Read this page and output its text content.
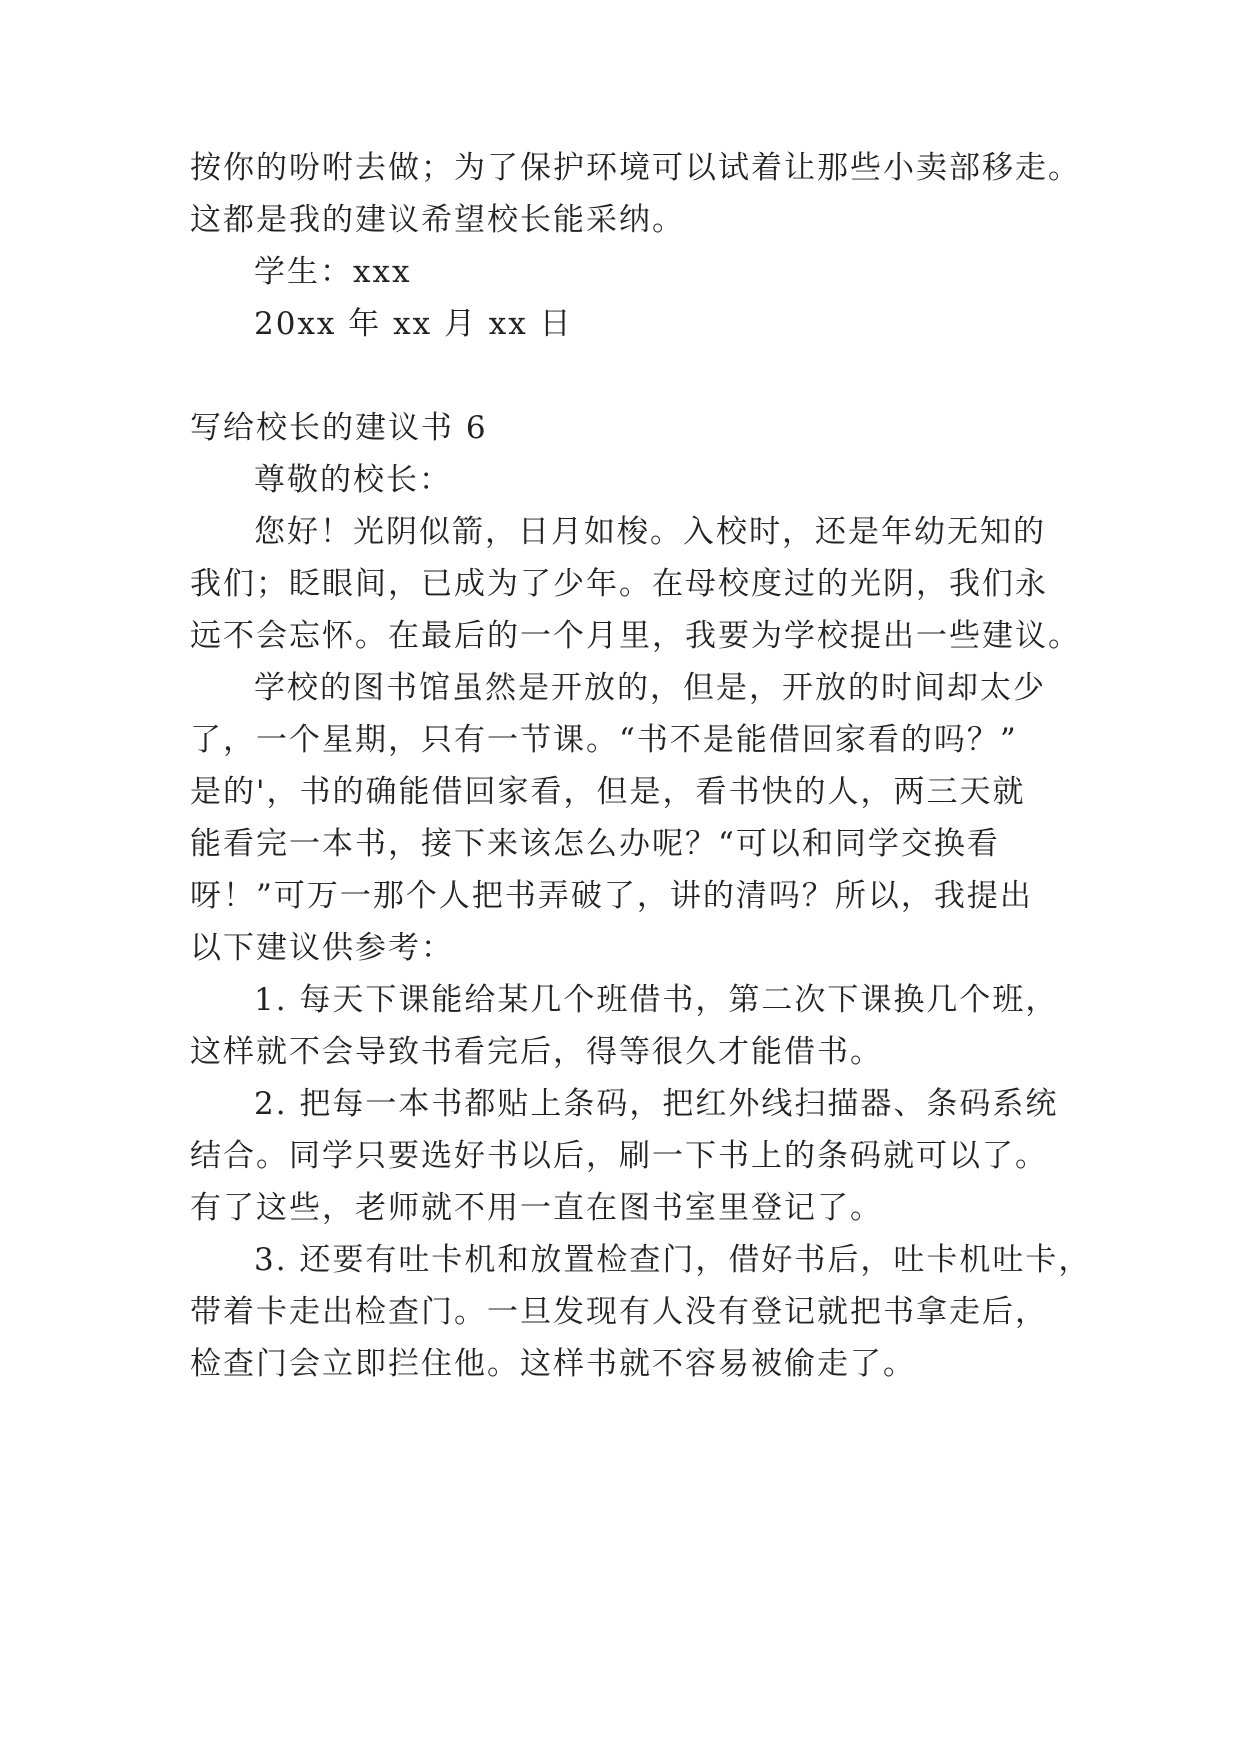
按你的吩咐去做；为了保护环境可以试着让那些小卖部移走。
这都是我的建议希望校长能采纳。
学生：xxx
20xx 年 xx 月 xx 日
写给校长的建议书 6
尊敬的校长：
您好！光阴似箭，日月如梭。入校时，还是年幼无知的
我们；眨眼间，已成为了少年。在母校度过的光阴，我们永
远不会忘怀。在最后的一个月里，我要为学校提出一些建议。
学校的图书馆虽然是开放的，但是，开放的时间却太少
了，一个星期，只有一节课。“书不是能借回家看的吗？”
是的'，书的确能借回家看，但是，看书快的人，两三天就
能看完一本书，接下来该怎么办呢？“可以和同学交换看
呀！”可万一那个人把书弄破了，讲的清吗？所以，我提出
以下建议供参考：
1. 每天下课能给某几个班借书，第二次下课换几个班，
这样就不会导致书看完后，得等很久才能借书。
2. 把每一本书都贴上条码，把红外线扫描器、条码系统
结合。同学只要选好书以后，刷一下书上的条码就可以了。
有了这些，老师就不用一直在图书室里登记了。
3. 还要有吐卡机和放置检查门，借好书后，吐卡机吐卡，
带着卡走出检查门。一旦发现有人没有登记就把书拿走后，
检查门会立即拦住他。这样书就不容易被偷走了。
